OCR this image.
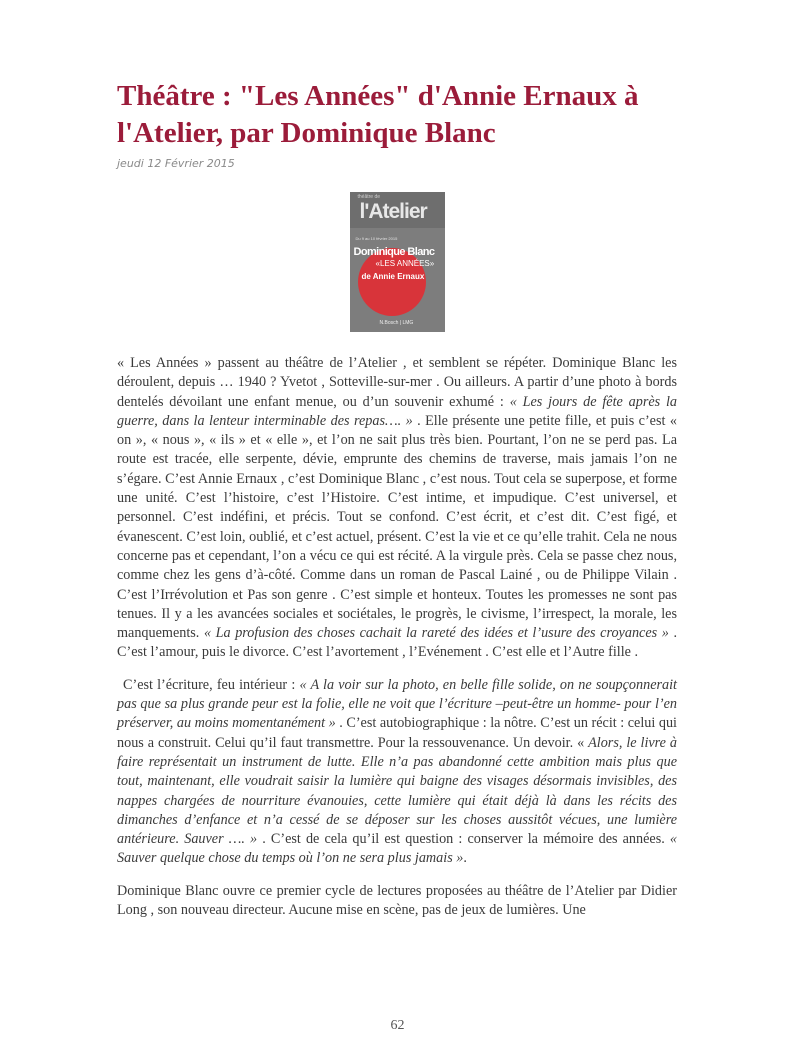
Théâtre : "Les Années" d'Annie Ernaux à l'Atelier, par Dominique Blanc
jeudi 12 Février 2015
théâtre de
l'Atelier
Du 9 au 10 février 2015
Dominique Blanc
«LES ANNÉES»
de Annie Ernaux
N.Bosch | LMG

« Les Années » passent au théâtre de l’Atelier , et semblent se répéter. Dominique Blanc les déroulent, depuis … 1940 ? Yvetot , Sotteville-sur-mer . Ou ailleurs. A partir d’une photo à bords dentelés dévoilant une enfant menue, ou d’un souvenir exhumé : « Les jours de fête après la guerre, dans la lenteur interminable des repas…. » . Elle présente une petite fille, et puis c’est « on », « nous », « ils » et « elle », et l’on ne sait plus très bien. Pourtant, l’on ne se perd pas. La route est tracée, elle serpente, dévie, emprunte des chemins de traverse, mais jamais l’on ne s’égare. C’est Annie Ernaux , c’est Dominique Blanc , c’est nous. Tout cela se superpose, et forme une unité. C’est l’histoire, c’est l’Histoire. C’est intime, et impudique. C’est universel, et personnel. C’est indéfini, et précis. Tout se confond. C’est écrit, et c’est dit. C’est figé, et évanescent. C’est loin, oublié, et c’est actuel, présent. C’est la vie et ce qu’elle trahit. Cela ne nous concerne pas et cependant, l’on a vécu ce qui est récité. A la virgule près. Cela se passe chez nous, comme chez les gens d’à-côté. Comme dans un roman de Pascal Lainé , ou de Philippe Vilain . C’est l’Irrévolution et Pas son genre . C’est simple et honteux. Toutes les promesses ne sont pas tenues. Il y a les avancées sociales et sociétales, le progrès, le civisme, l’irrespect, la morale, les manquements. « La profusion des choses cachait la rareté des idées et l’usure des croyances » . C’est l’amour, puis le divorce. C’est l’avortement , l’Evénement . C’est elle et l’Autre fille .

C’est l’écriture, feu intérieur : « A la voir sur la photo, en belle fille solide, on ne soupçonnerait pas que sa plus grande peur est la folie, elle ne voit que l’écriture –peut-être un homme- pour l’en préserver, au moins momentanément » . C’est autobiographique : la nôtre. C’est un récit : celui qui nous a construit. Celui qu’il faut transmettre. Pour la ressouvenance. Un devoir. « Alors, le livre à faire représentait un instrument de lutte. Elle n’a pas abandonné cette ambition mais plus que tout, maintenant, elle voudrait saisir la lumière qui baigne des visages désormais invisibles, des nappes chargées de nourriture évanouies, cette lumière qui était déjà là dans les récits des dimanches d’enfance et n’a cessé de se déposer sur les choses aussitôt vécues, une lumière antérieure. Sauver …. » . C’est de cela qu’il est question : conserver la mémoire des années. « Sauver quelque chose du temps où l’on ne sera plus jamais ».

Dominique Blanc ouvre ce premier cycle de lectures proposées au théâtre de l’Atelier par Didier Long , son nouveau directeur. Aucune mise en scène, pas de jeux de lumières. Une

62
